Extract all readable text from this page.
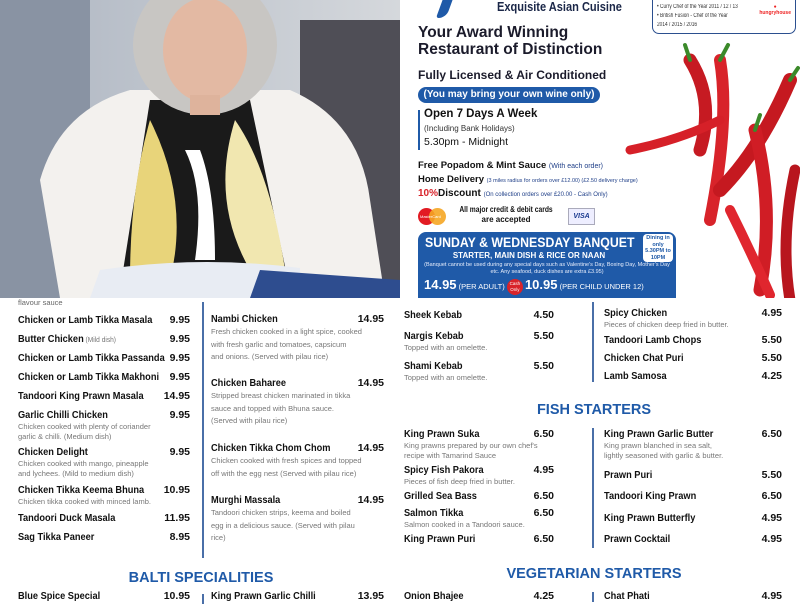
Exquisite Asian Cuisine	• Curry Chef of the Year 2011 / 12 / 13
• British Fusion - Chef of the Year
2014 / 2015 / 2016
●
hungryhouse
Your Award Winning
Restaurant of Distinction
Fully Licensed & Air Conditioned
(You may bring your own wine only)
Open 7 Days A Week
(Including Bank Holidays)
5.30pm - Midnight
Free Popadom & Mint Sauce (With each order)
Home Delivery (3 miles radius for orders over £12.00) (£2.50 delivery charge)
10%Discount (On collection orders over £20.00 - Cash Only)
MasterCard
All major credit & debit cards
are accepted	VISA
SUNDAY & WEDNESDAY BANQUET
STARTER, MAIN DISH & RICE OR NAAN
(Banquet cannot be used during any special days such as Valentine's Day, Boxing Day, Mother's Day etc. Any seafood, duck dishes are extra £3.95)
14.95 (PER ADULT) Cash Only 10.95 (PER CHILD UNDER 12)
Dining in only 5.30PM to 10PM
flavour sauce
Chicken or Lamb Tikka Masala	9.95
Butter Chicken (Mild dish)	9.95
Chicken or Lamb Tikka Passanda 9.95
Chicken or Lamb Tikka Makhoni	9.95
Tandoori King Prawn Masala	14.95
Garlic Chilli Chicken	9.95
Chicken cooked with plenty of coriander
garlic & chilli. (Medium dish)
Chicken Delight	9.95
Chicken cooked with mango, pineapple
and lychees. (Mild to medium dish)
Chicken Tikka Keema Bhuna	10.95
Chicken tikka cooked with minced lamb.
Tandoori Duck Masala	11.95
Sag Tikka Paneer	8.95
Blue Spice Special	10.95
Nambi Chicken	14.95
Fresh chicken cooked in a light spice, cooked
with fresh garlic and tomatoes, capsicum
and onions. (Served with pilau rice)
Chicken Baharee	14.95
Stripped breast chicken marinated in tikka
sauce and topped with Bhuna sauce.
(Served with pilau rice)
Chicken Tikka Chom Chom	14.95
Chicken cooked with fresh spices and topped
off with the egg nest (Served with pilau rice)
Murghi Massala	14.95
Tandoori chicken strips, keema and boiled
egg in a delicious sauce. (Served with pilau
rice)
King Prawn Garlic Chilli	13.95
Sheek Kebab	4.50
Nargis Kebab	5.50
Topped with an omelette.
Shami Kebab	5.50
Topped with an omelette.
King Prawn Suka	6.50
King prawns prepared by our own chef's
recipe with Tamarind Sauce
Spicy Fish Pakora	4.95
Pieces of fish deep fried in butter.
Grilled Sea Bass	6.50
Salmon Tikka	6.50
Salmon cooked in a Tandoori sauce.
King Prawn Puri	6.50
Onion Bhajee	4.25
Spicy Chicken	4.95
Pieces of chicken deep fried in butter.
Tandoori Lamb Chops	5.50
Chicken Chat Puri	5.50
Lamb Samosa	4.25
King Prawn Garlic Butter	6.50
King prawn blanched in sea salt,
lightly seasoned with garlic & butter.
Prawn Puri	5.50
Tandoori King Prawn	6.50
King Prawn Butterfly	4.95
Prawn Cocktail	4.95
Chat Phati	4.95
BALTI SPECIALITIES
FISH STARTERS
VEGETARIAN STARTERS
